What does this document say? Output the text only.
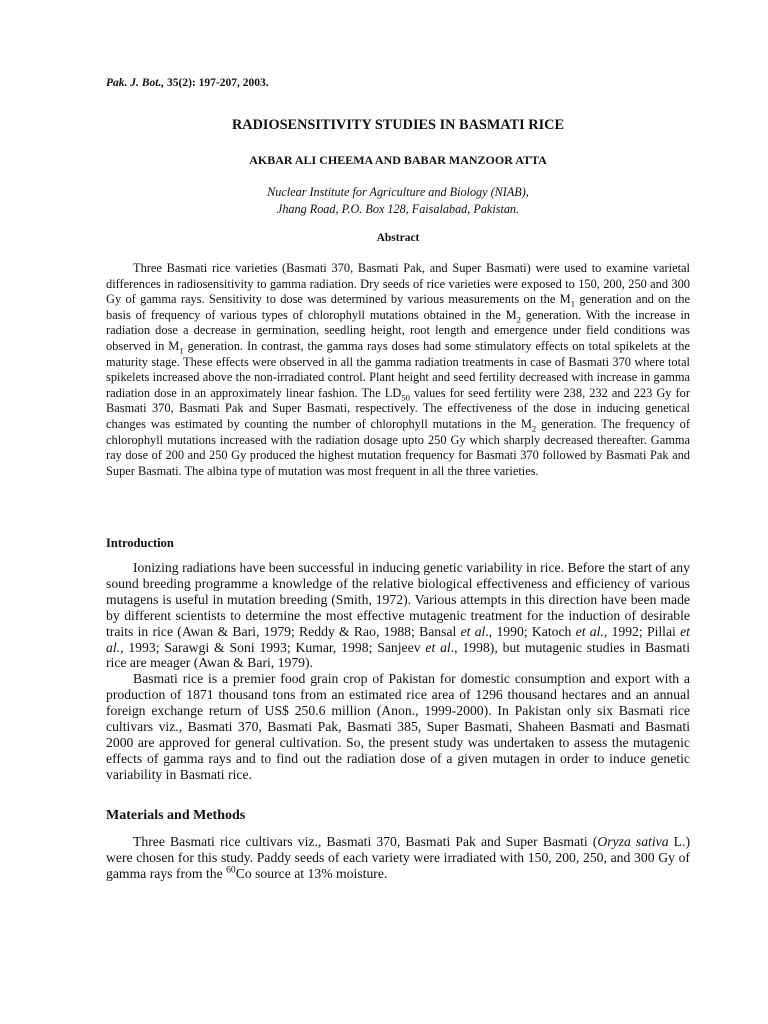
Pak. J. Bot., 35(2): 197-207, 2003.
RADIOSENSITIVITY STUDIES IN BASMATI RICE
AKBAR ALI CHEEMA AND BABAR MANZOOR ATTA
Nuclear Institute for Agriculture and Biology (NIAB),
Jhang Road, P.O. Box 128, Faisalabad, Pakistan.
Abstract

Three Basmati rice varieties (Basmati 370, Basmati Pak, and Super Basmati) were used to examine varietal differences in radiosensitivity to gamma radiation. Dry seeds of rice varieties were exposed to 150, 200, 250 and 300 Gy of gamma rays. Sensitivity to dose was determined by various measurements on the $M_1$ generation and on the basis of frequency of various types of chlorophyll mutations obtained in the $M_2$ generation. With the increase in radiation dose a decrease in germination, seedling height, root length and emergence under field conditions was observed in $M_1$ generation. In contrast, the gamma rays doses had some stimulatory effects on total spikelets at the maturity stage. These effects were observed in all the gamma radiation treatments in case of Basmati 370 where total spikelets increased above the non-irradiated control. Plant height and seed fertility decreased with increase in gamma radiation dose in an approximately linear fashion. The $LD_{50}$ values for seed fertility were 238, 232 and 223 Gy for Basmati 370, Basmati Pak and Super Basmati, respectively. The effectiveness of the dose in inducing genetical changes was estimated by counting the number of chlorophyll mutations in the $M_2$ generation. The frequency of chlorophyll mutations increased with the radiation dosage upto 250 Gy which sharply decreased thereafter. Gamma ray dose of 200 and 250 Gy produced the highest mutation frequency for Basmati 370 followed by Basmati Pak and Super Basmati. The albina type of mutation was most frequent in all the three varieties.

Introduction

Ionizing radiations have been successful in inducing genetic variability in rice. Before the start of any sound breeding programme a knowledge of the relative biological effectiveness and efficiency of various mutagens is useful in mutation breeding (Smith, 1972). Various attempts in this direction have been made by different scientists to determine the most effective mutagenic treatment for the induction of desirable traits in rice (Awan & Bari, 1979; Reddy & Rao, 1988; Bansal et al., 1990; Katoch et al., 1992; Pillai et al., 1993; Sarawgi & Soni 1993; Kumar, 1998; Sanjeev et al., 1998), but mutagenic studies in Basmati rice are meager (Awan & Bari, 1979).

Basmati rice is a premier food grain crop of Pakistan for domestic consumption and export with a production of 1871 thousand tons from an estimated rice area of 1296 thousand hectares and an annual foreign exchange return of US$ 250.6 million (Anon., 1999-2000). In Pakistan only six Basmati rice cultivars viz., Basmati 370, Basmati Pak, Basmati 385, Super Basmati, Shaheen Basmati and Basmati 2000 are approved for general cultivation. So, the present study was undertaken to assess the mutagenic effects of gamma rays and to find out the radiation dose of a given mutagen in order to induce genetic variability in Basmati rice.

Materials and Methods

Three Basmati rice cultivars viz., Basmati 370, Basmati Pak and Super Basmati (Oryza sativa L.) were chosen for this study. Paddy seeds of each variety were irradiated with 150, 200, 250, and 300 Gy of gamma rays from the $^{60}$Co source at 13% moisture.
